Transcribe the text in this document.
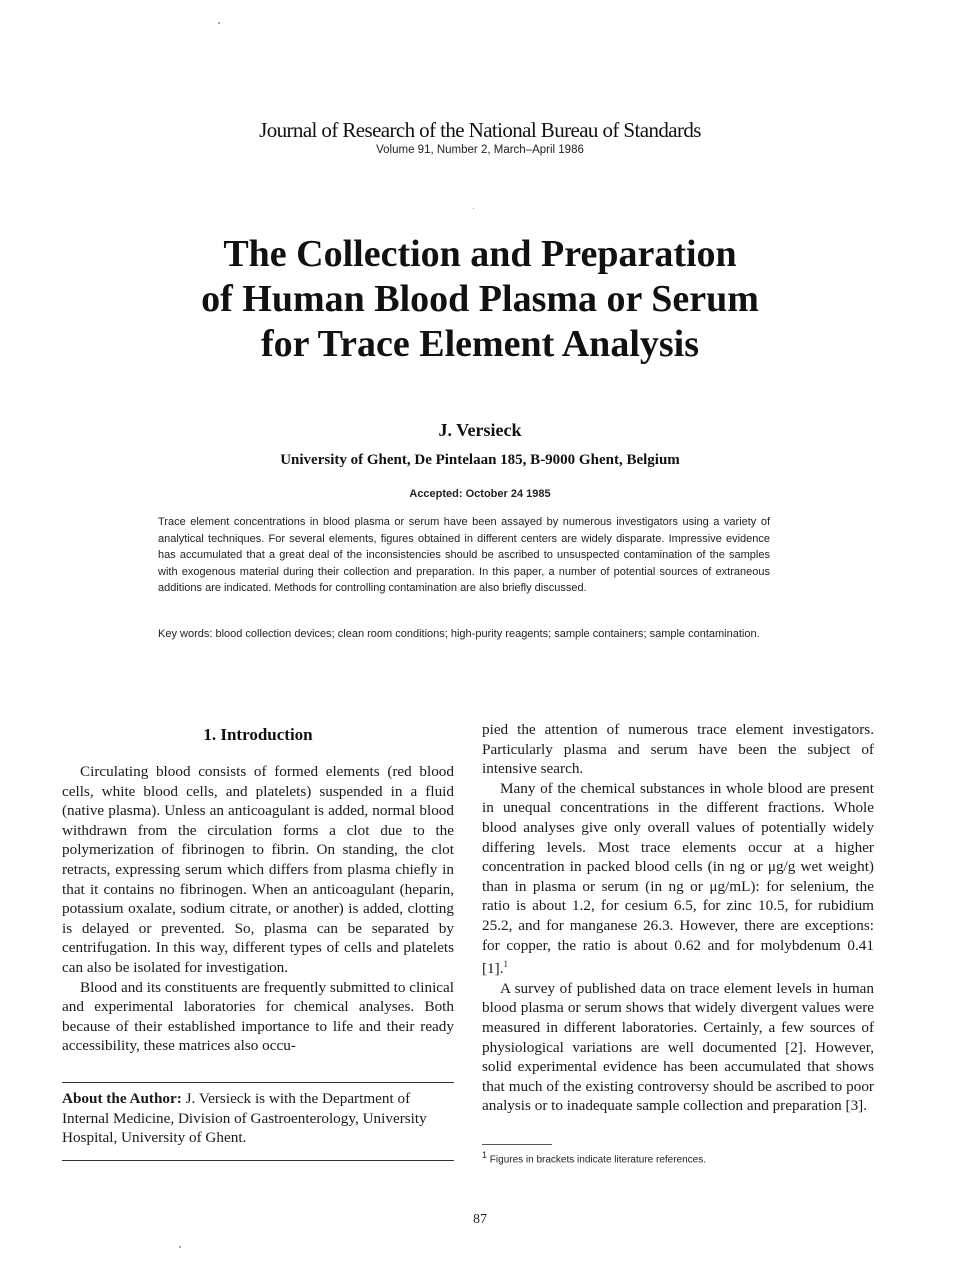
Journal of Research of the National Bureau of Standards
Volume 91, Number 2, March–April 1986
The Collection and Preparation
of Human Blood Plasma or Serum
for Trace Element Analysis
J. Versieck
University of Ghent, De Pintelaan 185, B-9000 Ghent, Belgium
Accepted: October 24 1985
Trace element concentrations in blood plasma or serum have been assayed by numerous investigators using a variety of analytical techniques. For several elements, figures obtained in different centers are widely disparate. Impressive evidence has accumulated that a great deal of the inconsistencies should be ascribed to unsuspected contamination of the samples with exogenous material during their collection and preparation. In this paper, a number of potential sources of extraneous additions are indicated. Methods for controlling contamination are also briefly discussed.
Key words: blood collection devices; clean room conditions; high-purity reagents; sample containers; sample contamination.
1. Introduction

Circulating blood consists of formed elements (red blood cells, white blood cells, and platelets) suspended in a fluid (native plasma). Unless an anticoagulant is added, normal blood withdrawn from the circulation forms a clot due to the polymerization of fibrinogen to fibrin. On standing, the clot retracts, expressing serum which differs from plasma chiefly in that it contains no fibrinogen. When an anticoagulant (heparin, potassium oxalate, sodium citrate, or another) is added, clotting is delayed or prevented. So, plasma can be separated by centrifugation. In this way, different types of cells and platelets can also be isolated for investigation.

Blood and its constituents are frequently submitted to clinical and experimental laboratories for chemical analyses. Both because of their established importance to life and their ready accessibility, these matrices also occu-

About the Author: J. Versieck is with the Department of Internal Medicine, Division of Gastroenterology, University Hospital, University of Ghent.

pied the attention of numerous trace element investigators. Particularly plasma and serum have been the subject of intensive search.

Many of the chemical substances in whole blood are present in unequal concentrations in the different fractions. Whole blood analyses give only overall values of potentially widely differing levels. Most trace elements occur at a higher concentration in packed blood cells (in ng or μg/g wet weight) than in plasma or serum (in ng or μg/mL): for selenium, the ratio is about 1.2, for cesium 6.5, for zinc 10.5, for rubidium 25.2, and for manganese 26.3. However, there are exceptions: for copper, the ratio is about 0.62 and for molybdenum 0.41 [1].$^1$

A survey of published data on trace element levels in human blood plasma or serum shows that widely divergent values were measured in different laboratories. Certainly, a few sources of physiological variations are well documented [2]. However, solid experimental evidence has been accumulated that shows that much of the existing controversy should be ascribed to poor analysis or to inadequate sample collection and preparation [3].

$^1$ Figures in brackets indicate literature references.
87
